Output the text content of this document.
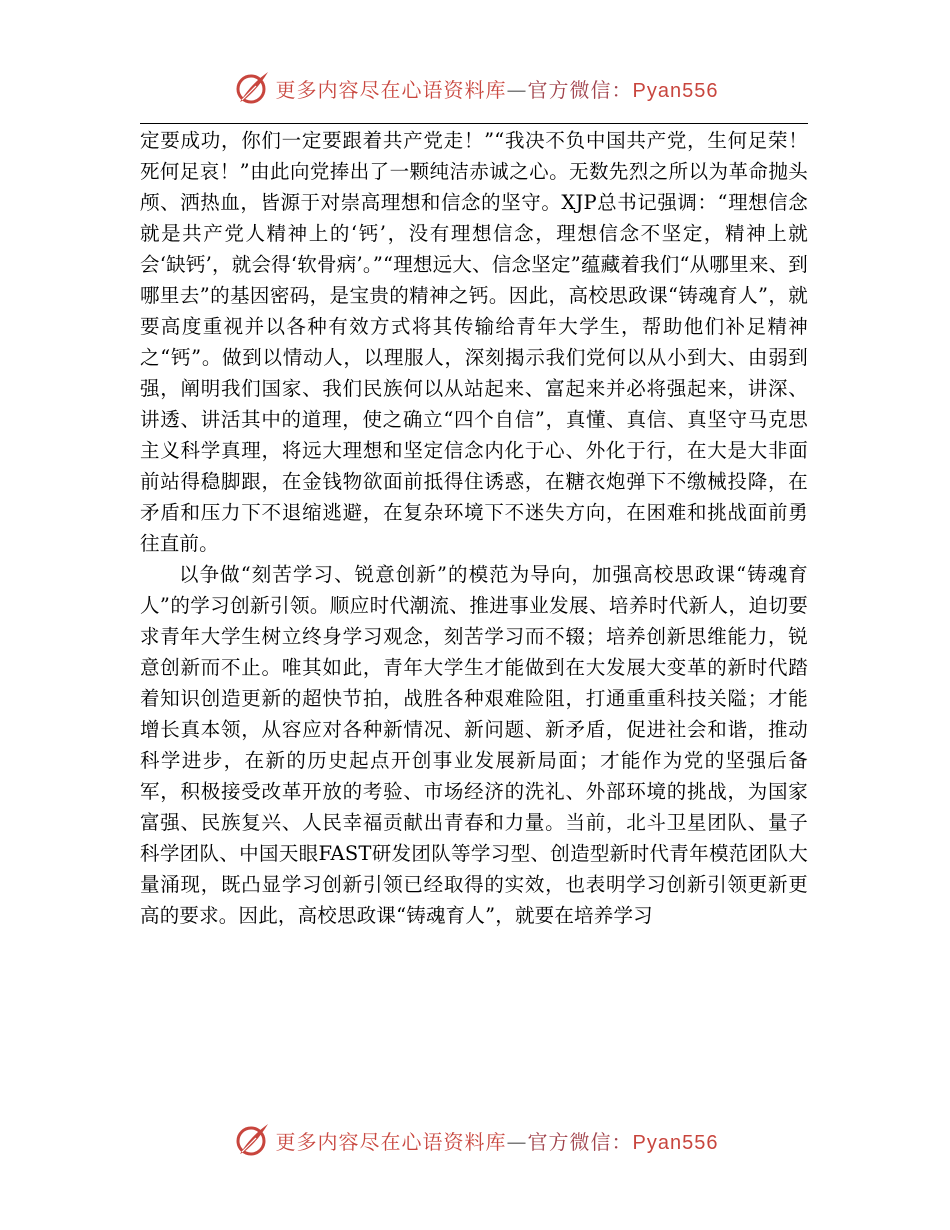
更多内容尽在心语资料库—官方微信：Pyan556

定要成功，你们一定要跟着共产党走！”“我决不负中国共产党，生何足荣！死何足哀！”由此向党捧出了一颗纯洁赤诚之心。无数先烈之所以为革命抛头颅、洒热血，皆源于对崇高理想和信念的坚守。XJP总书记强调：“理想信念就是共产党人精神上的‘钙’，没有理想信念，理想信念不坚定，精神上就会‘缺钙’，就会得‘软骨病’。”“理想远大、信念坚定”蕴藏着我们“从哪里来、到哪里去”的基因密码，是宝贵的精神之钙。因此，高校思政课“铸魂育人”，就要高度重视并以各种有效方式将其传输给青年大学生，帮助他们补足精神之“钙”。做到以情动人，以理服人，深刻揭示我们党何以从小到大、由弱到强，阐明我们国家、我们民族何以从站起来、富起来并必将强起来，讲深、讲透、讲活其中的道理，使之确立“四个自信”，真懂、真信、真坚守马克思主义科学真理，将远大理想和坚定信念内化于心、外化于行，在大是大非面前站得稳脚跟，在金钱物欲面前抵得住诱惑，在糖衣炮弹下不缴械投降，在矛盾和压力下不退缩逃避，在复杂环境下不迷失方向，在困难和挑战面前勇往直前。

以争做“刻苦学习、锐意创新”的模范为导向，加强高校思政课“铸魂育人”的学习创新引领。顺应时代潮流、推进事业发展、培养时代新人，迫切要求青年大学生树立终身学习观念，刻苦学习而不辍；培养创新思维能力，锐意创新而不止。唯其如此，青年大学生才能做到在大发展大变革的新时代踏着知识创造更新的超快节拍，战胜各种艰难险阻，打通重重科技关隘；才能增长真本领，从容应对各种新情况、新问题、新矛盾，促进社会和谐，推动科学进步，在新的历史起点开创事业发展新局面；才能作为党的坚强后备军，积极接受改革开放的考验、市场经济的洗礼、外部环境的挑战，为国家富强、民族复兴、人民幸福贡献出青春和力量。当前，北斗卫星团队、量子科学团队、中国天眼FAST研发团队等学习型、创造型新时代青年模范团队大量涌现，既凸显学习创新引领已经取得的实效，也表明学习创新引领更新更高的要求。因此，高校思政课“铸魂育人”，就要在培养学习

更多内容尽在心语资料库—官方微信：Pyan556
